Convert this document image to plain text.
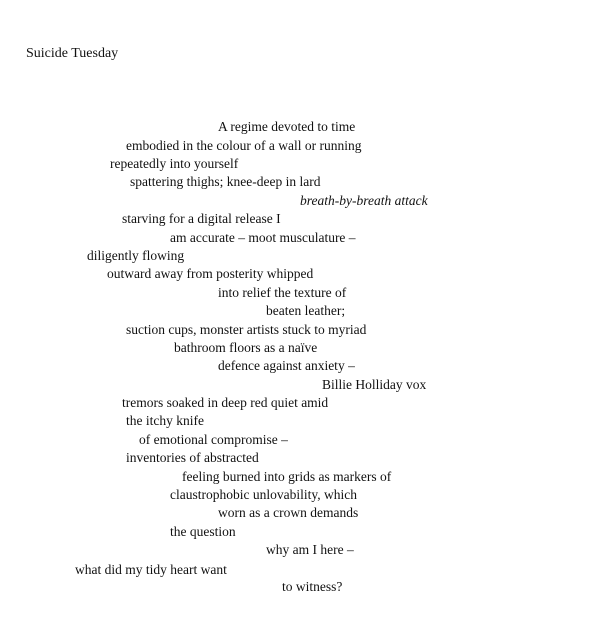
Suicide Tuesday
A regime devoted to time
embodied in the colour of a wall or running
repeatedly into yourself
spattering thighs; knee-deep in lard
breath-by-breath attack
starving for a digital release I
am accurate – moot musculature –
diligently flowing
outward away from posterity whipped
into relief the texture of
beaten leather;
suction cups, monster artists stuck to myriad
bathroom floors as a naïve
defence against anxiety –
Billie Holliday vox
tremors soaked in deep red quiet amid
the itchy knife
of emotional compromise –
inventories of abstracted
feeling burned into grids as markers of
claustrophobic unlovability, which
worn as a crown demands
the question
why am I here –
what did my tidy heart want
to witness?
